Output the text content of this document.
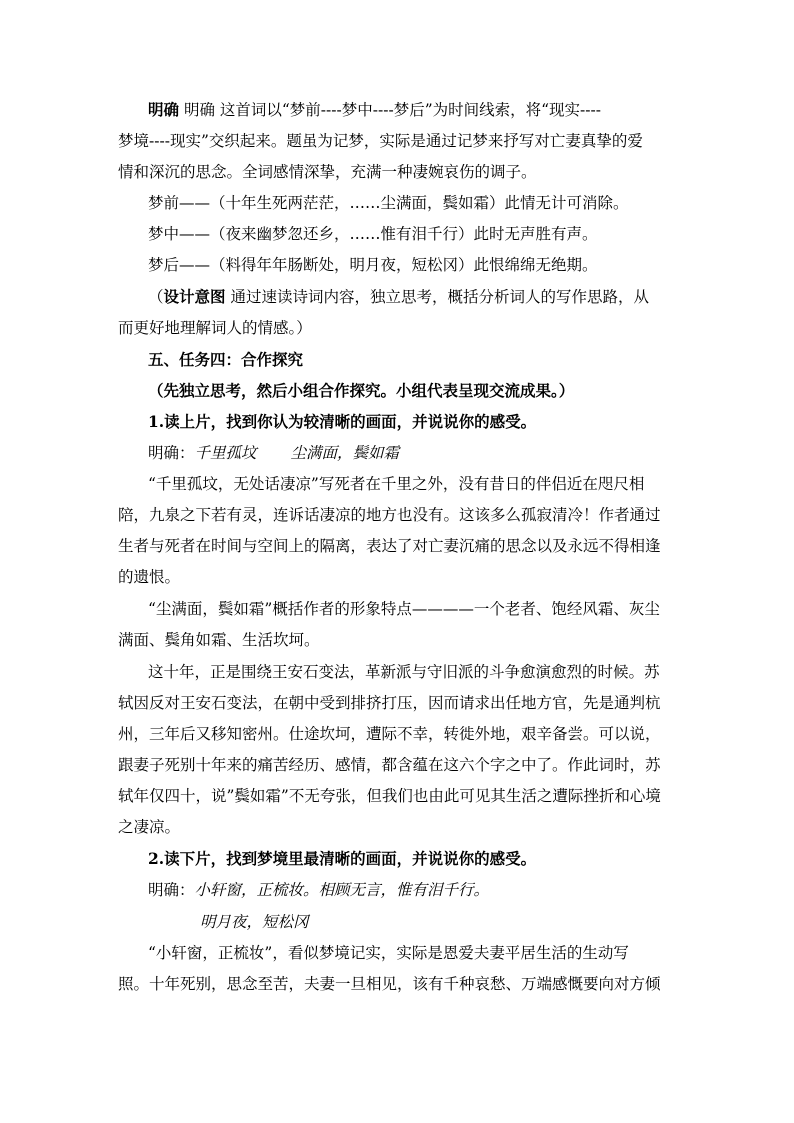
明确 明确 这首词以“梦前----梦中----梦后”为时间线索，将“现实----
梦境----现实”交织起来。题虽为记梦，实际是通过记梦来抒写对亡妻真挚的爱
情和深沉的思念。全词感情深挚，充满一种凄婉哀伤的调子。
梦前——（十年生死两茫茫，……尘满面，鬓如霜）此情无计可消除。
梦中——（夜来幽梦忽还乡，……惟有泪千行）此时无声胜有声。
梦后——（料得年年肠断处，明月夜，短松冈）此恨绵绵无绝期。
（设计意图 通过速读诗词内容，独立思考，概括分析词人的写作思路，从
而更好地理解词人的情感。）
五、任务四：合作探究
（先独立思考，然后小组合作探究。小组代表呈现交流成果。）
1.读上片，找到你认为较清晰的画面，并说说你的感受。
明确：千里孤坟 尘满面，鬓如霜
“千里孤坟，无处话凄凉”写死者在千里之外，没有昔日的伴侣近在咫尺相
陪，九泉之下若有灵，连诉话凄凉的地方也没有。这该多么孤寂清冷！作者通过
生者与死者在时间与空间上的隔离，表达了对亡妻沉痛的思念以及永远不得相逢
的遗恨。
“尘满面，鬓如霜”概括作者的形象特点————一个老者、饱经风霜、灰尘
满面、鬓角如霜、生活坎坷。
这十年，正是围绕王安石变法，革新派与守旧派的斗争愈演愈烈的时候。苏
轼因反对王安石变法，在朝中受到排挤打压，因而请求出任地方官，先是通判杭
州，三年后又移知密州。仕途坎坷，遭际不幸，转徙外地，艰辛备尝。可以说，
跟妻子死别十年来的痛苦经历、感情，都含蕴在这六个字之中了。作此词时，苏
轼年仅四十，说”鬓如霜”不无夸张，但我们也由此可见其生活之遭际挫折和心境
之凄凉。
2.读下片，找到梦境里最清晰的画面，并说说你的感受。
明确：小轩窗，正梳妆。相顾无言，惟有泪千行。
明月夜，短松冈
“小轩窗，正梳妆”，看似梦境记实，实际是恩爱夫妻平居生活的生动写
照。十年死别，思念至苦，夫妻一旦相见，该有千种哀愁、万端感慨要向对方倾
